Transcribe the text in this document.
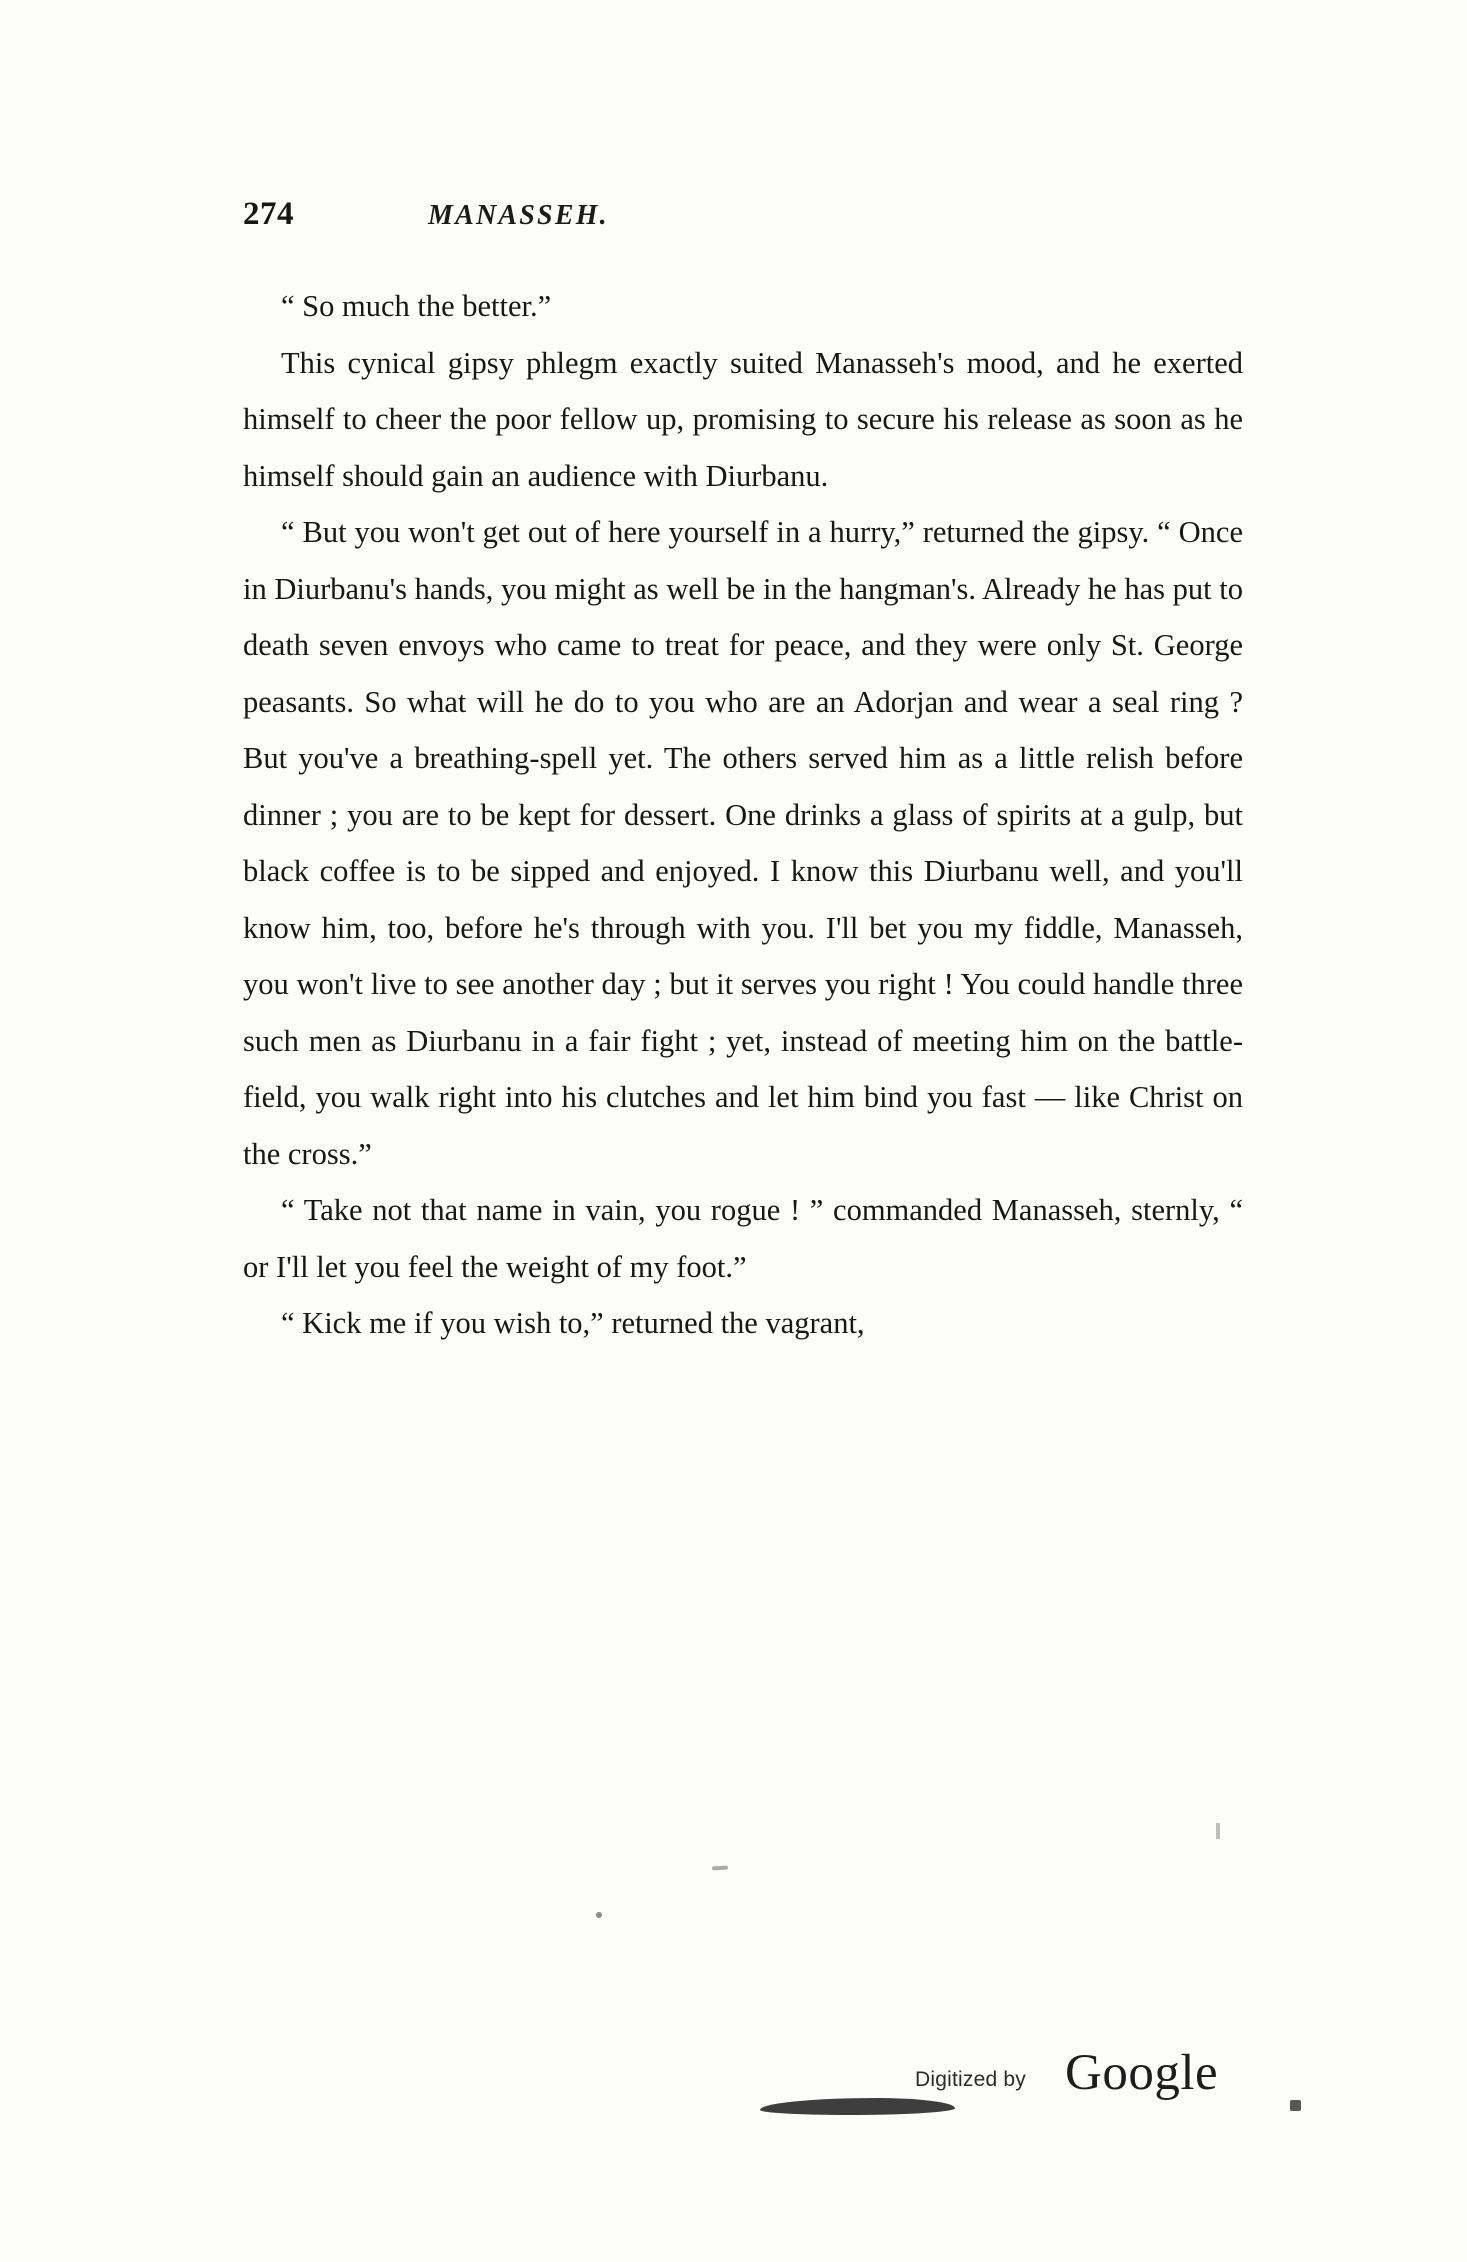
274	MANASSEH.

“ So much the better.”

This cynical gipsy phlegm exactly suited Manasseh's mood, and he exerted himself to cheer the poor fellow up, promising to secure his release as soon as he himself should gain an audience with Diurbanu.

“ But you won't get out of here yourself in a hurry,” returned the gipsy. “ Once in Diurbanu's hands, you might as well be in the hangman's. Already he has put to death seven envoys who came to treat for peace, and they were only St. George peasants. So what will he do to you who are an Adorjan and wear a seal ring ? But you've a breathing-spell yet. The others served him as a little relish before dinner ; you are to be kept for dessert. One drinks a glass of spirits at a gulp, but black coffee is to be sipped and enjoyed. I know this Diurbanu well, and you'll know him, too, before he's through with you. I'll bet you my fiddle, Manasseh, you won't live to see another day ; but it serves you right ! You could handle three such men as Diurbanu in a fair fight ; yet, instead of meeting him on the battle-field, you walk right into his clutches and let him bind you fast — like Christ on the cross.”

“ Take not that name in vain, you rogue ! ” commanded Manasseh, sternly, “ or I'll let you feel the weight of my foot.”

“ Kick me if you wish to,” returned the vagrant,

Digitized by Google
